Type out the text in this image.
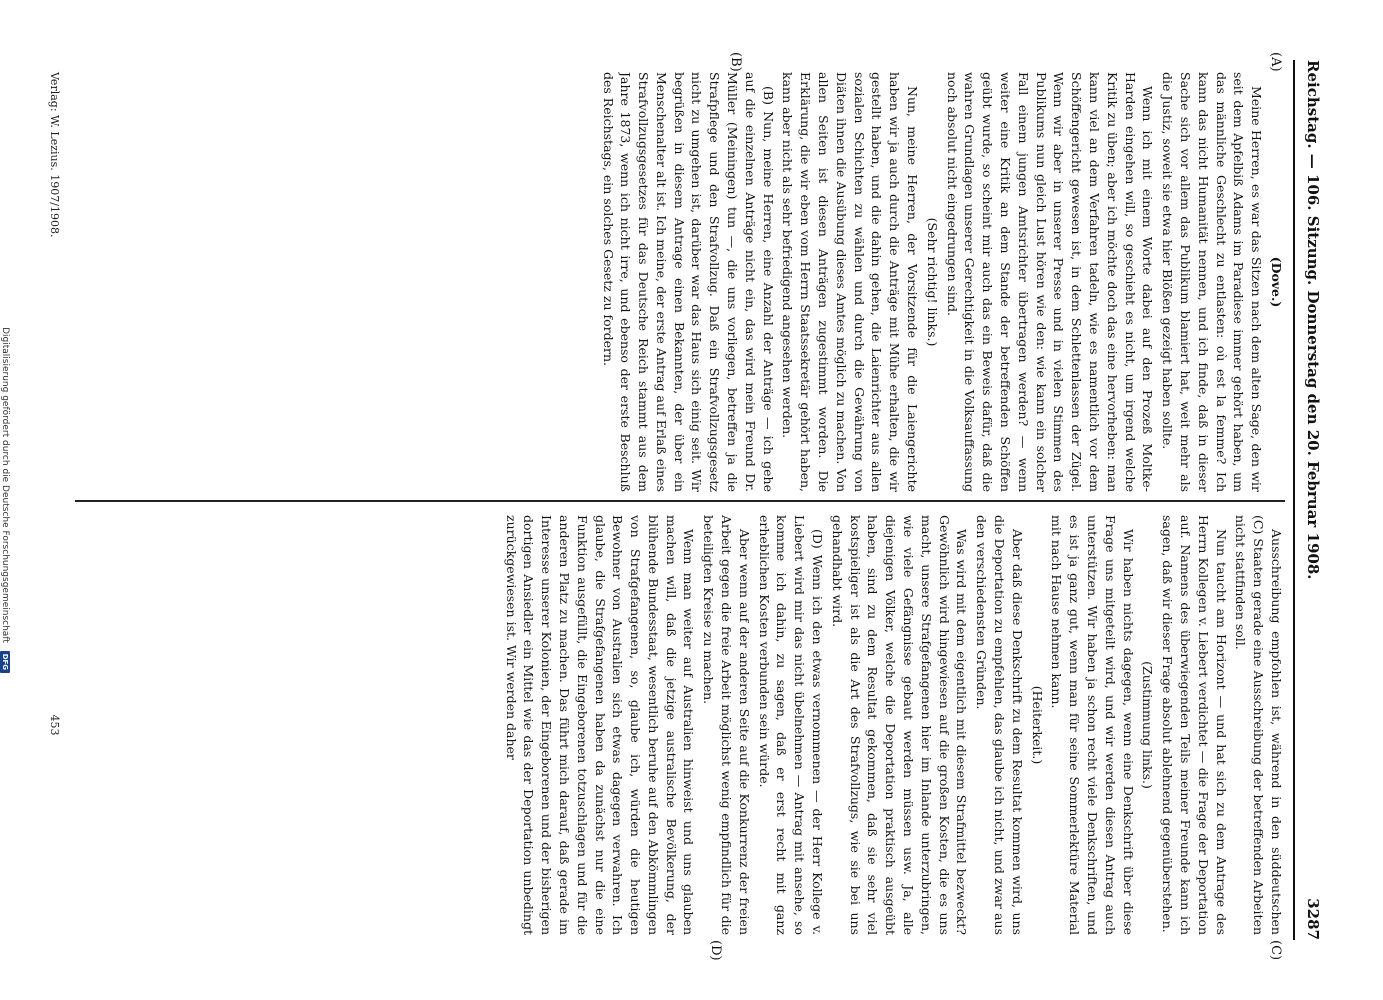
Reichstag. — 106. Sitzung. Donnerstag den 20. Februar 1908.
3287
(A)
(B)
(C)
(D)

(Dove.)

Meine Herren, es war das Sitzen nach dem alten Sage, den wir seit dem Apfelbiß Adams im Paradiese immer gehört haben, um das männliche Geschlecht zu entlasten: où est la femme? Ich kann das nicht Humanität nennen, und ich finde, daß in dieser Sache sich vor allem das Publikum blamiert hat, weit mehr als die Justiz, soweit sie etwa hier Blößen gezeigt haben sollte.

Wenn ich mit einem Worte dabei auf den Prozeß Moltke-Harden eingehen will, so geschieht es nicht, um irgend welche Kritik zu üben; aber ich möchte doch das eine hervorheben: man kann viel an dem Verfahren tadeln, wie es namentlich vor dem Schöffengericht gewesen ist, in dem Schlettenlassen der Zügel. Wenn wir aber in unserer Presse und in vielen Stimmen des Publikums nun gleich Lust hören wie den: wie kann ein solcher Fall einem jungen Amtsrichter übertragen werden? — wenn weiter eine Kritik an dem Stande der betreffenden Schöffen geübt wurde, so scheint mir auch das ein Beweis dafür, daß die wahren Grundlagen unserer Gerechtigkeit in die Volksauffassung noch absolut nicht eingedrungen sind.

(Sehr richtig! links.)

Nun, meine Herren, der Vorsitzende für die Laiengerichte haben wir ja auch durch die Anträge mit Mühe erhalten, die wir gestellt haben, und die dahin gehen, die Laienrichter aus allen sozialen Schichten zu wählen und durch die Gewährung von Diäten ihnen die Ausübung dieses Amtes möglich zu machen. Von allen Seiten ist diesen Anträgen zugestimmt worden. Die Erklärung, die wir eben vom Herrn Staatssekretär gehört haben, kann aber nicht als sehr befriedigend angesehen werden.

(B) Nun, meine Herren, eine Anzahl der Anträge — ich gehe auf die einzelnen Anträge nicht ein, das wird mein Freund Dr. Müller (Meiningen) tun —, die uns vorliegen, betreffen ja die Strafpflege und den Strafvollzug. Daß ein Strafvollzugsgesetz nicht zu umgehen ist, darüber war das Haus sich einig seit. Wir begrüßen in diesem Antrage einen Bekannten, der über ein Menschenalter alt ist. Ich meine, der erste Antrag auf Erlaß eines Strafvollzugsgesetzes für das Deutsche Reich stammt aus dem Jahre 1873, wenn ich nicht irre, und ebenso der erste Beschluß des Reichstags, ein solches Gesetz zu fordern.

Ausschreibung empfohlen ist, während in den süddeutschen (C) Staaten gerade eine Ausschreibung der betreffenden Arbeiten nicht stattfinden soll.

Nun taucht am Horizont — und hat sich zu dem Antrage des Herrn Kollegen v. Liebert verdichtet — die Frage der Deportation auf. Namens des überwiegenden Teils meiner Freunde kann ich sagen, daß wir dieser Frage absolut ablehnend gegenüberstehen.

(Zustimmung links.)

Wir haben nichts dagegen, wenn eine Denkschrift über diese Frage uns mitgeteilt wird, und wir werden diesen Antrag auch unterstützen. Wir haben ja schon recht viele Denkschriften, und es ist ja ganz gut, wenn man für seine Sommerlektüre Material mit nach Hause nehmen kann.

(Heiterkeit.)

Aber daß diese Denkschrift zu dem Resultat kommen wird, uns die Deportation zu empfehlen, das glaube ich nicht, und zwar aus den verschiedensten Gründen.

Was wird mit dem eigentlich mit diesem Strafmittel bezweckt? Gewöhnlich wird hingewiesen auf die großen Kosten, die es uns macht, unsere Strafgefangenen hier im Inlande unterzubringen, wie viele Gefängnisse gebaut werden müssen usw. Ja, alle diejenigen Völker, welche die Deportation praktisch ausgeübt haben, sind zu dem Resultat gekommen, daß sie sehr viel kostspieliger ist als die Art des Strafvollzugs, wie sie bei uns gehandhabt wird.

(D) Wenn ich den etwas vernommenen — der Herr Kollege v. Liebert wird mir das nicht übelnehmen — Antrag mit ansehe, so komme ich dahin, zu sagen, daß er erst recht mit ganz erheblichen Kosten verbunden sein würde.

Aber wenn auf der anderen Seite auf die Konkurrenz der freien Arbeit gegen die freie Arbeit möglichst wenig empfindlich für die beteiligten Kreise zu machen.

Wenn man weiter auf Australien hinweist und uns glauben machen will, daß die jetzige australische Bevölkerung, der blühende Bundesstaat, wesentlich beruhe auf den Abkömmlingen von Strafgefangenen, so, glaube ich, würden die heutigen Bewohner von Australien sich etwas dagegen verwahren. Ich glaube, die Strafgefangenen haben da zunächst nur die eine Funktion ausgefüllt, die Eingeborenen totzuschlagen und für die anderen Platz zu machen. Das führt mich darauf, daß gerade im Interesse unserer Kolonien, der Eingeborenen und der bisherigen dortigen Ansiedler ein Mittel wie das der Deportation unbedingt zurückgewiesen ist. Wir werden daher

Verlag: W. Lezius. 1907/1908.
453
Digitalisierung gefördert durch die Deutsche Forschungsgemeinschaft
DFG
